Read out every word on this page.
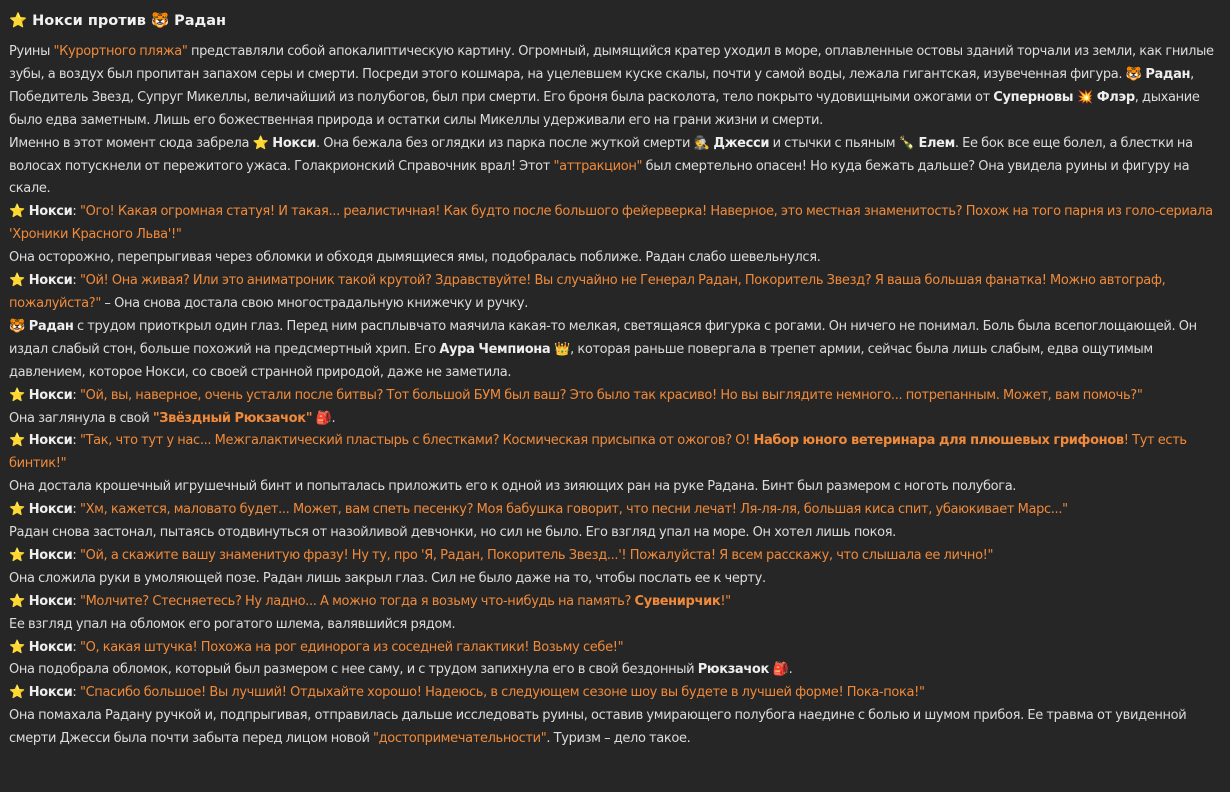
⭐ Нокси против 🐯 Радан

Руины "Курортного пляжа" представляли собой апокалиптическую картину. Огромный, дымящийся кратер уходил в море, оплавленные остовы зданий торчали из земли, как гнилые зубы, а воздух был пропитан запахом серы и смерти. Посреди этого кошмара, на уцелевшем куске скалы, почти у самой воды, лежала гигантская, изувеченная фигура. 🐯 Радан, Победитель Звезд, Супруг Микеллы, величайший из полубогов, был при смерти. Его броня была расколота, тело покрыто чудовищными ожогами от Суперновы 💥 Флэр, дыхание было едва заметным. Лишь его божественная природа и остатки силы Микеллы удерживали его на грани жизни и смерти.

Именно в этот момент сюда забрела ⭐ Нокси. Она бежала без оглядки из парка после жуткой смерти 🕵 Джесси и стычки с пьяным 🍾 Елем. Ее бок все еще болел, а блестки на волосах потускнели от пережитого ужаса. Голакрионский Справочник врал! Этот "аттракцион" был смертельно опасен! Но куда бежать дальше? Она увидела руины и фигуру на скале.

⭐ Нокси: "Ого! Какая огромная статуя! И такая... реалистичная! Как будто после большого фейерверка! Наверное, это местная знаменитость? Похож на того парня из голо-сериала 'Хроники Красного Льва'!"

Она осторожно, перепрыгивая через обломки и обходя дымящиеся ямы, подобралась поближе. Радан слабо шевельнулся.

⭐ Нокси: "Ой! Она живая? Или это аниматроник такой крутой? Здравствуйте! Вы случайно не Генерал Радан, Покоритель Звезд? Я ваша большая фанатка! Можно автограф, пожалуйста?" – Она снова достала свою многострадальную книжечку и ручку.

🐯 Радан с трудом приоткрыл один глаз. Перед ним расплывчато маячила какая-то мелкая, светящаяся фигурка с рогами. Он ничего не понимал. Боль была всепоглощающей. Он издал слабый стон, больше похожий на предсмертный хрип. Его Аура Чемпиона 👑, которая раньше повергала в трепет армии, сейчас была лишь слабым, едва ощутимым давлением, которое Нокси, со своей странной природой, даже не заметила.

⭐ Нокси: "Ой, вы, наверное, очень устали после битвы? Тот большой БУМ был ваш? Это было так красиво! Но вы выглядите немного... потрепанным. Может, вам помочь?"

Она заглянула в свой "Звёздный Рюкзачок" 🎒.

⭐ Нокси: "Так, что тут у нас... Межгалактический пластырь с блестками? Космическая присыпка от ожогов? О! Набор юного ветеринара для плюшевых грифонов! Тут есть бинтик!"

Она достала крошечный игрушечный бинт и попыталась приложить его к одной из зияющих ран на руке Радана. Бинт был размером с ноготь полубога.

⭐ Нокси: "Хм, кажется, маловато будет... Может, вам спеть песенку? Моя бабушка говорит, что песни лечат! Ля-ля-ля, большая киса спит, убаюкивает Марс..."

Радан снова застонал, пытаясь отодвинуться от назойливой девчонки, но сил не было. Его взгляд упал на море. Он хотел лишь покоя.

⭐ Нокси: "Ой, а скажите вашу знаменитую фразу! Ну ту, про 'Я, Радан, Покоритель Звезд...'! Пожалуйста! Я всем расскажу, что слышала ее лично!"

Она сложила руки в умоляющей позе. Радан лишь закрыл глаз. Сил не было даже на то, чтобы послать ее к черту.

⭐ Нокси: "Молчите? Стесняетесь? Ну ладно... А можно тогда я возьму что-нибудь на память? Сувенирчик!"

Ее взгляд упал на обломок его рогатого шлема, валявшийся рядом.

⭐ Нокси: "О, какая штучка! Похожа на рог единорога из соседней галактики! Возьму себе!"

Она подобрала обломок, который был размером с нее саму, и с трудом запихнула его в свой бездонный Рюкзачок 🎒.

⭐ Нокси: "Спасибо большое! Вы лучший! Отдыхайте хорошо! Надеюсь, в следующем сезоне шоу вы будете в лучшей форме! Пока-пока!"

Она помахала Радану ручкой и, подпрыгивая, отправилась дальше исследовать руины, оставив умирающего полубога наедине с болью и шумом прибоя. Ее травма от увиденной смерти Джесси была почти забыта перед лицом новой "достопримечательности". Туризм – дело такое.
